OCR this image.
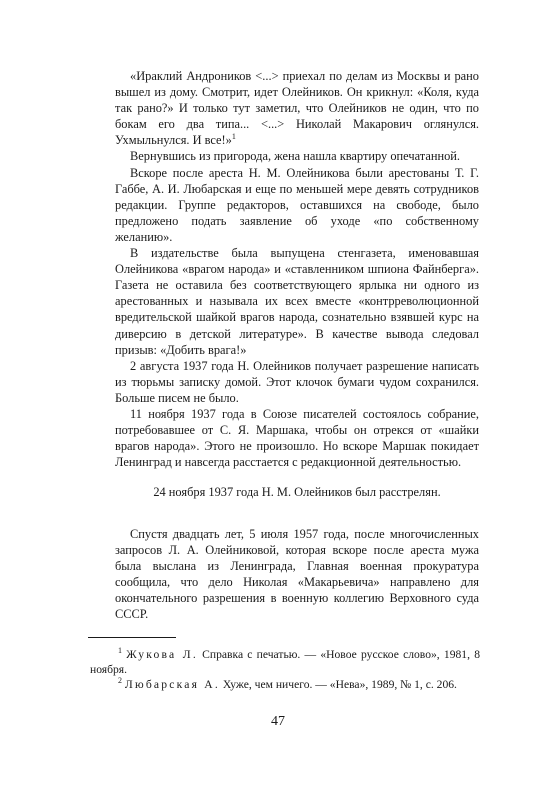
«Ираклий Андроников <...> приехал по делам из Москвы и рано вышел из дому. Смотрит, идет Олейников. Он крикнул: «Коля, куда так рано?» И только тут заметил, что Олейников не один, что по бокам его два типа... <...> Николай Макарович оглянулся. Ухмыльнулся. И все!»$^1$

Вернувшись из пригорода, жена нашла квартиру опечатанной.

Вскоре после ареста Н. М. Олейникова были арестованы Т. Г. Габбе, А. И. Любарская и еще по меньшей мере девять сотрудников редакции. Группе редакторов, оставшихся на свободе, было предложено подать заявление об уходе «по собственному желанию».

В издательстве была выпущена стенгазета, именовавшая Олейникова «врагом народа» и «ставленником шпиона Файнберга». Газета не оставила без соответствующего ярлыка ни одного из арестованных и называла их всех вместе «контрреволюционной вредительской шайкой врагов народа, сознательно взявшей курс на диверсию в детской литературе». В качестве вывода следовал призыв: «Добить врага!»

2 августа 1937 года Н. Олейников получает разрешение написать из тюрьмы записку домой. Этот клочок бумаги чудом сохранился. Больше писем не было.

11 ноября 1937 года в Союзе писателей состоялось собрание, потребовавшее от С. Я. Маршака, чтобы он отрекся от «шайки врагов народа». Этого не произошло. Но вскоре Маршак покидает Ленинград и навсегда расстается с редакционной деятельностью.

24 ноября 1937 года Н. М. Олейников был расстрелян.

Спустя двадцать лет, 5 июля 1957 года, после многочисленных запросов Л. А. Олейниковой, которая вскоре после ареста мужа была выслана из Ленинграда, Главная военная прокуратура сообщила, что дело Николая «Макарьевича» направлено для окончательного разрешения в военную коллегию Верховного суда СССР.

$^1$ Жукова Л. Справка с печатью. — «Новое русское слово», 1981, 8 ноября.

$^2$ Любарская А. Хуже, чем ничего. — «Нева», 1989, № 1, с. 206.

47
